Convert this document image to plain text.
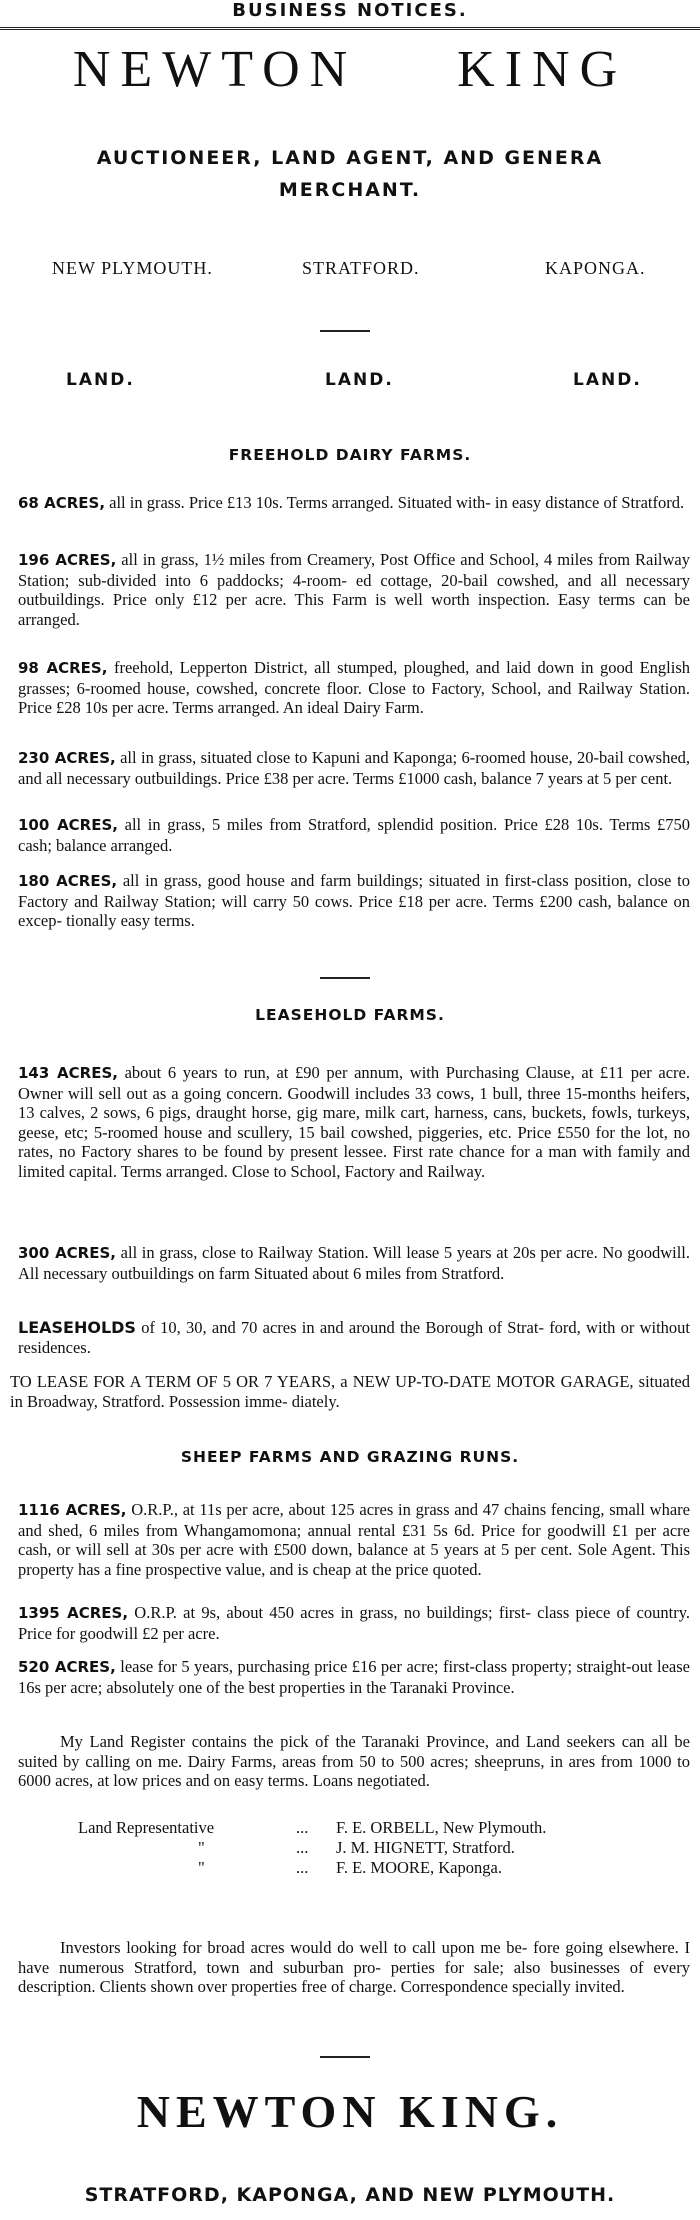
BUSINESS NOTICES.
NEWTON KING
AUCTIONEER, LAND AGENT, AND GENERA
MERCHANT.
NEW PLYMOUTH.	STRATFORD.	KAPONGA.
LAND.	LAND.	LAND.
FREEHOLD DAIRY FARMS.
68 ACRES, all in grass. Price £13 10s. Terms arranged. Situated with- in easy distance of Stratford.
196 ACRES, all in grass, 1½ miles from Creamery, Post Office and School, 4 miles from Railway Station; sub-divided into 6 paddocks; 4-room- ed cottage, 20-bail cowshed, and all necessary outbuildings. Price only £12 per acre. This Farm is well worth inspection. Easy terms can be arranged.
98 ACRES, freehold, Lepperton District, all stumped, ploughed, and laid down in good English grasses; 6-roomed house, cowshed, concrete floor. Close to Factory, School, and Railway Station. Price £28 10s per acre. Terms arranged. An ideal Dairy Farm.
230 ACRES, all in grass, situated close to Kapuni and Kaponga; 6-roomed house, 20-bail cowshed, and all necessary outbuildings. Price £38 per acre. Terms £1000 cash, balance 7 years at 5 per cent.
100 ACRES, all in grass, 5 miles from Stratford, splendid position. Price £28 10s. Terms £750 cash; balance arranged.
180 ACRES, all in grass, good house and farm buildings; situated in first-class position, close to Factory and Railway Station; will carry 50 cows. Price £18 per acre. Terms £200 cash, balance on excep- tionally easy terms.
LEASEHOLD FARMS.
143 ACRES, about 6 years to run, at £90 per annum, with Purchasing Clause, at £11 per acre. Owner will sell out as a going concern. Goodwill includes 33 cows, 1 bull, three 15-months heifers, 13 calves, 2 sows, 6 pigs, draught horse, gig mare, milk cart, harness, cans, buckets, fowls, turkeys, geese, etc; 5-roomed house and scullery, 15 bail cowshed, piggeries, etc. Price £550 for the lot, no rates, no Factory shares to be found by present lessee. First rate chance for a man with family and limited capital. Terms arranged. Close to School, Factory and Railway.
300 ACRES, all in grass, close to Railway Station. Will lease 5 years at 20s per acre. No goodwill. All necessary outbuildings on farm Situated about 6 miles from Stratford.
LEASEHOLDS of 10, 30, and 70 acres in and around the Borough of Strat- ford, with or without residences.
TO LEASE FOR A TERM OF 5 OR 7 YEARS, a NEW UP-TO-DATE MOTOR GARAGE, situated in Broadway, Stratford. Possession imme- diately.
SHEEP FARMS AND GRAZING RUNS.
1116 ACRES, O.R.P., at 11s per acre, about 125 acres in grass and 47 chains fencing, small whare and shed, 6 miles from Whangamomona; annual rental £31 5s 6d. Price for goodwill £1 per acre cash, or will sell at 30s per acre with £500 down, balance at 5 years at 5 per cent. Sole Agent. This property has a fine prospective value, and is cheap at the price quoted.
1395 ACRES, O.R.P. at 9s, about 450 acres in grass, no buildings; first- class piece of country. Price for goodwill £2 per acre.
520 ACRES, lease for 5 years, purchasing price £16 per acre; first-class property; straight-out lease 16s per acre; absolutely one of the best properties in the Taranaki Province.
My Land Register contains the pick of the Taranaki Province, and Land seekers can all be suited by calling on me. Dairy Farms, areas from 50 to 500 acres; sheepruns, in ares from 1000 to 6000 acres, at low prices and on easy terms. Loans negotiated.
Land Representative	...	F. E. ORBELL, New Plymouth.
"	...	J. M. HIGNETT, Stratford.
"	...	F. E. MOORE, Kaponga.
Investors looking for broad acres would do well to call upon me be- fore going elsewhere. I have numerous Stratford, town and suburban pro- perties for sale; also businesses of every description. Clients shown over properties free of charge. Correspondence specially invited.
NEWTON KING.
STRATFORD, KAPONGA, AND NEW PLYMOUTH.
